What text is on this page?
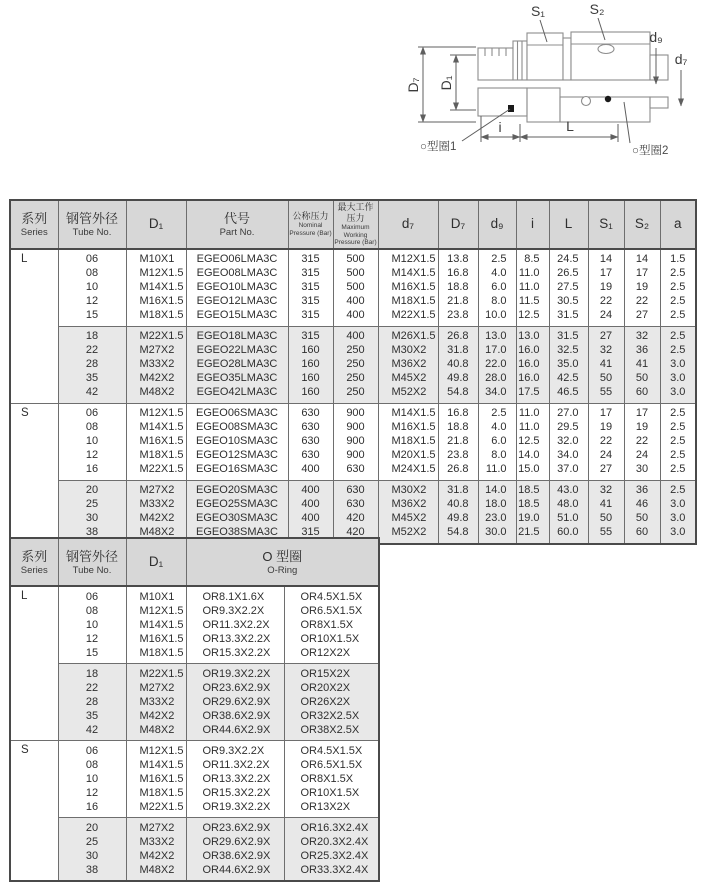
S₁	S₂
d₉
d₇
D₇ D₁
i	L
○型圈1	○型圈2
系列
Series

钢管外径
Tube No.

D₁	代号
Part No.

公称压力
Nominal
Pressure (Bar)

最大工作压力
Maximum Working
Pressure (Bar)

d₇	D₇	d₉	i	L	S₁	S₂	a

L	06	M10X1	EGEO06LMA3C	315	500	M12X1.5	13.8	2.5	8.5	24.5	14	14	1.5
	08	M12X1.5	EGEO08LMA3C	315	500	M14X1.5	16.8	4.0	11.0	26.5	17	17	2.5
	10	M14X1.5	EGEO10LMA3C	315	500	M16X1.5	18.8	6.0	11.0	27.5	19	19	2.5
	12	M16X1.5	EGEO12LMA3C	315	400	M18X1.5	21.8	8.0	11.5	30.5	22	22	2.5
	15	M18X1.5	EGEO15LMA3C	315	400	M22X1.5	23.8	10.0	12.5	31.5	24	27	2.5
	18	M22X1.5	EGEO18LMA3C	315	400	M26X1.5	26.8	13.0	13.0	31.5	27	32	2.5
	22	M27X2	EGEO22LMA3C	160	250	M30X2	31.8	17.0	16.0	32.5	32	36	2.5
	28	M33X2	EGEO28LMA3C	160	250	M36X2	40.8	22.0	16.0	35.0	41	41	3.0
	35	M42X2	EGEO35LMA3C	160	250	M45X2	49.8	28.0	16.0	42.5	50	50	3.0
	42	M48X2	EGEO42LMA3C	160	250	M52X2	54.8	34.0	17.5	46.5	55	60	3.0
S	06	M12X1.5	EGEO06SMA3C	630	900	M14X1.5	16.8	2.5	11.0	27.0	17	17	2.5
	08	M14X1.5	EGEO08SMA3C	630	900	M16X1.5	18.8	4.0	11.0	29.5	19	19	2.5
	10	M16X1.5	EGEO10SMA3C	630	900	M18X1.5	21.8	6.0	12.5	32.0	22	22	2.5
	12	M18X1.5	EGEO12SMA3C	630	900	M20X1.5	23.8	8.0	14.0	34.0	24	24	2.5
	16	M22X1.5	EGEO16SMA3C	400	630	M24X1.5	26.8	11.0	15.0	37.0	27	30	2.5
	20	M27X2	EGEO20SMA3C	400	630	M30X2	31.8	14.0	18.5	43.0	32	36	2.5
	25	M33X2	EGEO25SMA3C	400	630	M36X2	40.8	18.0	18.5	48.0	41	46	3.0
	30	M42X2	EGEO30SMA3C	400	420	M45X2	49.8	23.0	19.0	51.0	50	50	3.0
	38	M48X2	EGEO38SMA3C	315	420	M52X2	54.8	30.0	21.5	60.0	55	60	3.0
系列
Series

钢管外径
Tube No.

D₁	O 型圈
O-Ring

L	06	M10X1	OR8.1X1.6X	OR4.5X1.5X
	08	M12X1.5	OR9.3X2.2X	OR6.5X1.5X
	10	M14X1.5	OR11.3X2.2X	OR8X1.5X
	12	M16X1.5	OR13.3X2.2X	OR10X1.5X
	15	M18X1.5	OR15.3X2.2X	OR12X2X
	18	M22X1.5	OR19.3X2.2X	OR15X2X
	22	M27X2	OR23.6X2.9X	OR20X2X
	28	M33X2	OR29.6X2.9X	OR26X2X
	35	M42X2	OR38.6X2.9X	OR32X2.5X
	42	M48X2	OR44.6X2.9X	OR38X2.5X
S	06	M12X1.5	OR9.3X2.2X	OR4.5X1.5X
	08	M14X1.5	OR11.3X2.2X	OR6.5X1.5X
	10	M16X1.5	OR13.3X2.2X	OR8X1.5X
	12	M18X1.5	OR15.3X2.2X	OR10X1.5X
	16	M22X1.5	OR19.3X2.2X	OR13X2X
	20	M27X2	OR23.6X2.9X	OR16.3X2.4X
	25	M33X2	OR29.6X2.9X	OR20.3X2.4X
	30	M42X2	OR38.6X2.9X	OR25.3X2.4X
	38	M48X2	OR44.6X2.9X	OR33.3X2.4X
